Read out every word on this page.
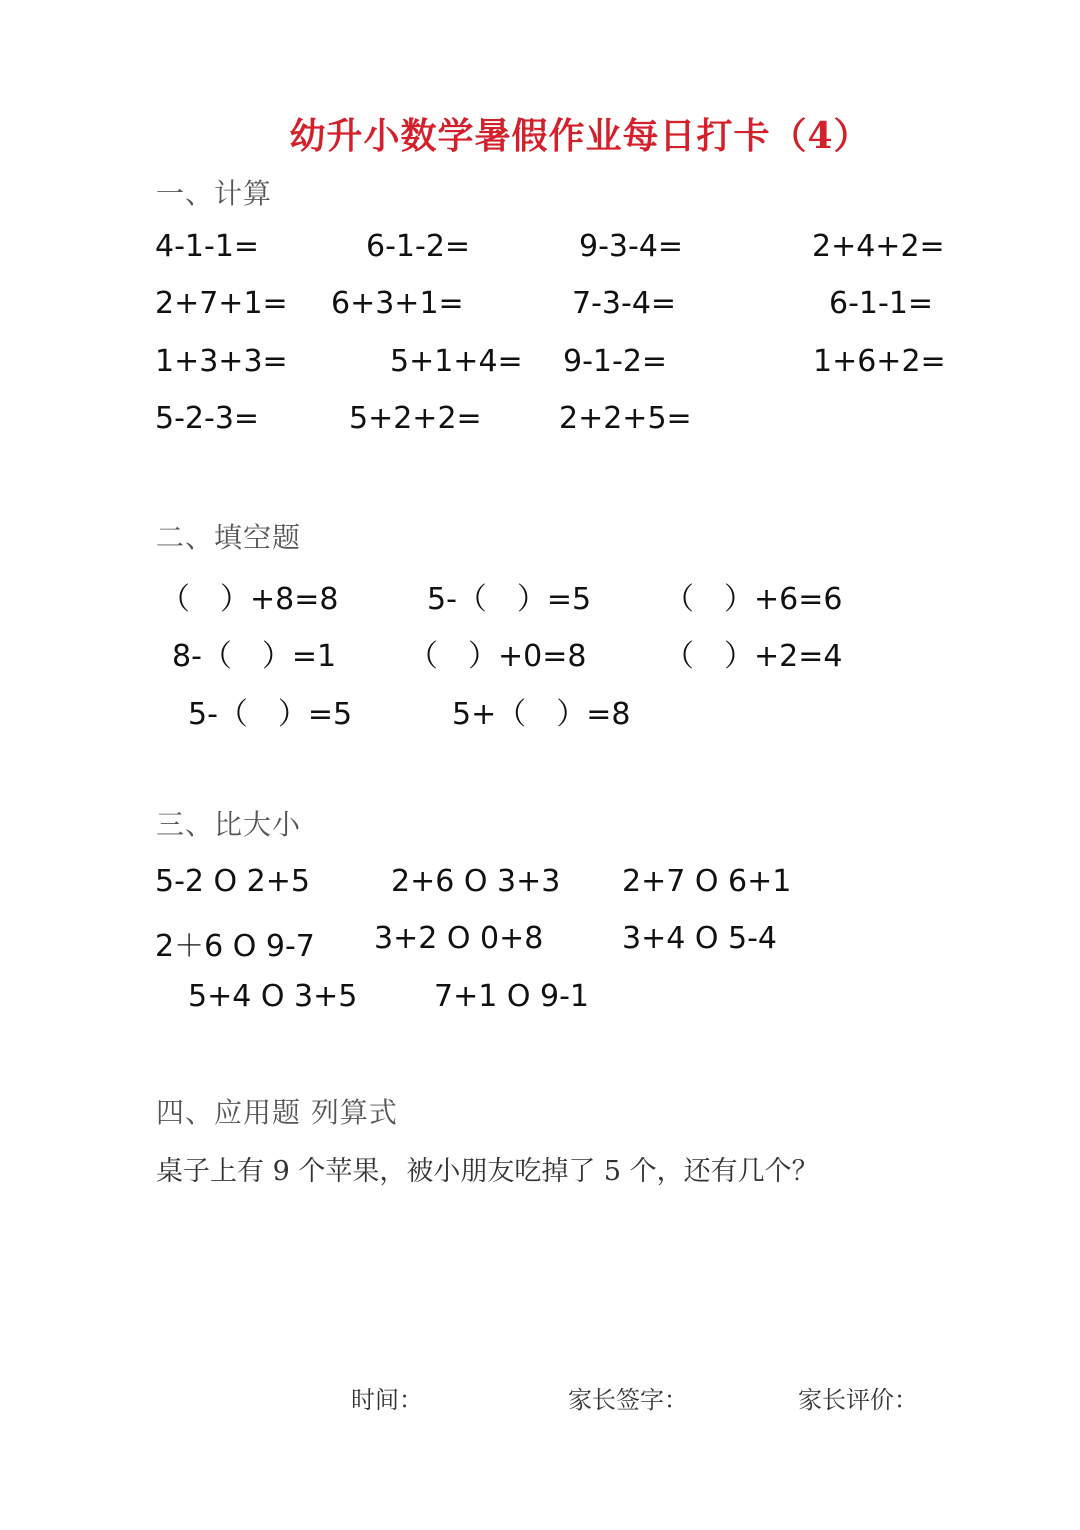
幼升小数学暑假作业每日打卡（4）
一、计算
4-1-1=	6-1-2=	9-3-4=	2+4+2=
2+7+1= 6+3+1=	7-3-4=	6-1-1=
1+3+3=	5+1+4= 9-1-2=	1+6+2=
5-2-3=	5+2+2=	2+2+5=
二、填空题
（　）+8=8	5-（　）=5 （　）+6=6
8-（　）=1 （　）+0=8	（　）+2=4
5-（　）=5	5+（　）=8
三、比大小
5-2 O 2+5	2+6 O 3+3 2+7 O 6+1
2＋6 O 9-7 3+2 O 0+8	3+4 O 5-4
5+4 O 3+5	7+1 O 9-1
四、应用题 列算式
桌子上有 9 个苹果，被小朋友吃掉了 5 个，还有几个？
时间：	家长签字：	家长评价：
